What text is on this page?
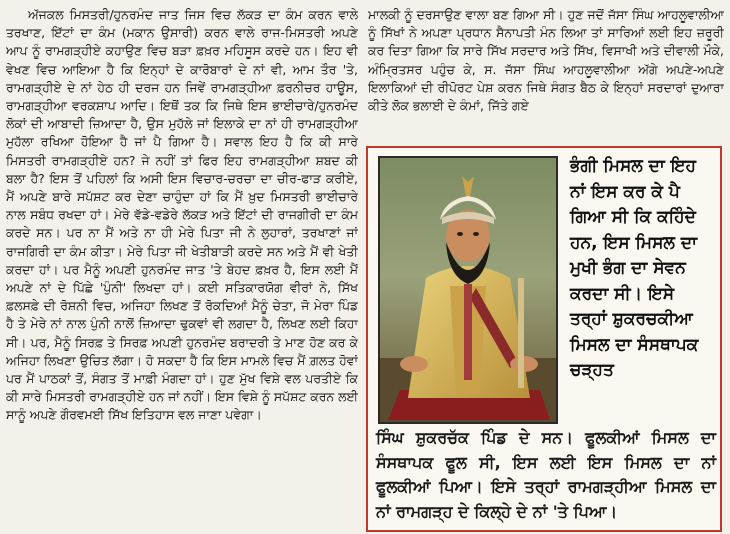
ਅੱਜਕਲ ਮਿਸਤਰੀ/ਹੁਨਰਮੰਦ ਜਾਤ ਜਿਸ ਵਿਚ ਲੱਕੜ ਦਾ ਕੰਮ ਕਰਨ ਵਾਲੇ ਤਰਖਾਣ, ਇੱਟਾਂ ਦਾ ਕੰਮ (ਮਕਾਨ ਉਸਾਰੀ) ਕਰਨ ਵਾਲੇ ਰਾਜ-ਮਿਸਤਰੀ ਅਪਣੇ ਆਪ ਨੂੰ ਰਾਮਗੜ੍ਹੀਏ ਕਹਾਉਣ ਵਿਚ ਬੜਾ ਫ਼ਖ਼ਰ ਮਹਿਸੂਸ ਕਰਦੇ ਹਨ। ਇਹ ਵੀ ਵੇਖਣ ਵਿਚ ਆਇਆ ਹੈ ਕਿ ਇਨ੍ਹਾਂ ਦੇ ਕਾਰੋਬਾਰਾਂ ਦੇ ਨਾਂ ਵੀ, ਆਮ ਤੌਰ 'ਤੇ, ਰਾਮਗੜ੍ਹੀਏ ਦੇ ਨਾਂ ਹੇਠ ਹੀ ਦਰਜ ਹਨ ਜਿਵੇਂ ਰਾਮਗੜ੍ਹੀਆ ਫ਼ਰਨੀਚਰ ਹਾਊਸ, ਰਾਮਗੜ੍ਹੀਆ ਵਰਕਸ਼ਾਪ ਆਦਿ। ਇਥੋਂ ਤਕ ਕਿ ਜਿਥੇ ਇਸ ਭਾਈਚਾਰੇ/ਹੁਨਰਮੰਦ ਲੋਕਾਂ ਦੀ ਆਬਾਦੀ ਜ਼ਿਆਦਾ ਹੈ, ਉਸ ਮੁਹੱਲੇ ਜਾਂ ਇਲਾਕੇ ਦਾ ਨਾਂ ਹੀ ਰਾਮਗੜ੍ਹੀਆ ਮੁਹੱਲਾ ਰਖਿਆ ਹੋਇਆ ਹੈ ਜਾਂ ਪੈ ਗਿਆ ਹੈ। ਸਵਾਲ ਇਹ ਹੈ ਕਿ ਕੀ ਸਾਰੇ ਮਿਸਤਰੀ ਰਾਮਗੜ੍ਹੀਏ ਹਨ? ਜੇ ਨਹੀਂ ਤਾਂ ਫਿਰ ਇਹ ਰਾਮਗੜ੍ਹੀਆ ਸ਼ਬਦ ਕੀ ਬਲਾ ਹੈ? ਇਸ ਤੋਂ ਪਹਿਲਾਂ ਕਿ ਅਸੀ ਇਸ ਵਿਚਾਰ-ਚਰਚਾ ਦਾ ਚੀਰ-ਫਾੜ ਕਰੀਏ, ਮੈਂ ਅਪਣੇ ਬਾਰੇ ਸਪੱਸ਼ਟ ਕਰ ਦੇਣਾ ਚਾਹੁੰਦਾ ਹਾਂ ਕਿ ਮੈਂ ਖ਼ੁਦ ਮਿਸਤਰੀ ਭਾਈਚਾਰੇ ਨਾਲ ਸਬੰਧ ਰਖਦਾ ਹਾਂ। ਮੇਰੇ ਵੱਡੇ-ਵਡੇਰੇ ਲੱਕੜ ਅਤੇ ਇੱਟਾਂ ਦੀ ਰਾਜਗੀਰੀ ਦਾ ਕੰਮ ਕਰਦੇ ਸਨ। ਪਰ ਨਾ ਮੈਂ ਅਤੇ ਨਾ ਹੀ ਮੇਰੇ ਪਿਤਾ ਜੀ ਨੇ ਲੁਹਾਰਾਂ, ਤਰਖਾਣਾਂ ਜਾਂ ਰਾਜਗਿਰੀ ਦਾ ਕੰਮ ਕੀਤਾ। ਮੇਰੇ ਪਿਤਾ ਜੀ ਖੇਤੀਬਾੜੀ ਕਰਦੇ ਸਨ ਅਤੇ ਮੈਂ ਵੀ ਖੇਤੀ ਕਰਦਾ ਹਾਂ। ਪਰ ਮੈਨੂੰ ਅਪਣੀ ਹੁਨਰਮੰਦ ਜਾਤ 'ਤੇ ਬੇਹਦ ਫ਼ਖ਼ਰ ਹੈ, ਇਸ ਲਈ ਮੈਂ ਅਪਣੇ ਨਾਂ ਦੇ ਪਿੱਛੇ 'ਪੁੰਨੀ' ਲਿਖਦਾ ਹਾਂ। ਕਈ ਸਤਿਕਾਰਯੋਗ ਵੀਰਾਂ ਨੇ, ਸਿੱਖ ਫ਼ਲਸਫ਼ੇ ਦੀ ਰੋਸ਼ਨੀ ਵਿਚ, ਅਜਿਹਾ ਲਿਖਣ ਤੋਂ ਰੋਕਦਿਆਂ ਮੈਨੂੰ ਚੇਤਾ, ਜੋ ਮੇਰਾ ਪਿੰਡ ਹੈ ਤੇ ਮੇਰੇ ਨਾਂ ਨਾਲ ਪੁੰਨੀ ਨਾਲੋਂ ਜ਼ਿਆਦਾ ਢੁਕਵਾਂ ਵੀ ਲਗਦਾ ਹੈ, ਲਿਖਣ ਲਈ ਕਿਹਾ ਸੀ। ਪਰ, ਮੈਨੂੰ ਸਿਰਫ਼ ਤੇ ਸਿਰਫ਼ ਅਪਣੀ ਹੁਨਰਮੰਦ ਬਰਾਦਰੀ ਤੇ ਮਾਣ ਹੋਣ ਕਰ ਕੇ ਅਜਿਹਾ ਲਿਖਣਾ ਉਚਿਤ ਲੱਗਾ। ਹੋ ਸਕਦਾ ਹੈ ਕਿ ਇਸ ਮਾਮਲੇ ਵਿਚ ਮੈਂ ਗ਼ਲਤ ਹੋਵਾਂ ਪਰ ਮੈਂ ਪਾਠਕਾਂ ਤੋਂ, ਸੰਗਤ ਤੋਂ ਮਾਫ਼ੀ ਮੰਗਦਾ ਹਾਂ। ਹੁਣ ਮੁੱਖ ਵਿਸ਼ੇ ਵਲ ਪਰਤੀਏ ਕਿ ਕੀ ਸਾਰੇ ਮਿਸਤਰੀ ਰਾਮਗੜ੍ਹੀਏ ਹਨ ਜਾਂ ਨਹੀਂ। ਇਸ ਵਿਸ਼ੇ ਨੂੰ ਸਪੱਸ਼ਟ ਕਰਨ ਲਈ ਸਾਨੂੰ ਅਪਣੇ ਗੌਰਵਮਈ ਸਿੱਖ ਇਤਿਹਾਸ ਵਲ ਜਾਣਾ ਪਵੇਗਾ।

ਮਾਲਕੀ ਨੂੰ ਦਰਸਾਉਣ ਵਾਲਾ ਬਣ ਗਿਆ ਸੀ। ਹੁਣ ਜਦੋਂ ਜੱਸਾ ਸਿੰਘ ਆਹਲੂਵਾਲੀਆ ਨੂੰ ਸਿੱਖਾਂ ਨੇ ਅਪਣਾ ਪ੍ਰਧਾਨ ਸੈਨਾਪਤੀ ਮੰਨ ਲਿਆ ਤਾਂ ਸਾਰਿਆਂ ਲਈ ਇਹ ਜ਼ਰੂਰੀ ਕਰ ਦਿਤਾ ਗਿਆ ਕਿ ਸਾਰੇ ਸਿੱਖ ਸਰਦਾਰ ਅਤੇ ਸਿੱਖ, ਵਿਸਾਖੀ ਅਤੇ ਦੀਵਾਲੀ ਮੌਕੇ, ਅੰਮ੍ਰਿਤਸਰ ਪਹੁੰਚ ਕੇ, ਸ. ਜੱਸਾ ਸਿੰਘ ਆਹਲੂਵਾਲੀਆ ਅੱਗੇ ਅਪਣੇ-ਅਪਣੇ ਇਲਾਕਿਆਂ ਦੀ ਰੀਪੋਰਟ ਪੇਸ਼ ਕਰਨ ਜਿਥੇ ਸੰਗਤ ਬੈਠ ਕੇ ਇਨ੍ਹਾਂ ਸਰਦਾਰਾਂ ਦੁਆਰਾ ਕੀਤੇ ਲੋਕ ਭਲਾਈ ਦੇ ਕੰਮਾਂ, ਜਿੱਤੇ ਗਏ

ਭੰਗੀ ਮਿਸਲ ਦਾ ਇਹ ਨਾਂ ਇਸ ਕਰ ਕੇ ਪੈ ਗਿਆ ਸੀ ਕਿ ਕਹਿੰਦੇ ਹਨ, ਇਸ ਮਿਸਲ ਦਾ ਮੁਖੀ ਭੰਗ ਦਾ ਸੇਵਨ ਕਰਦਾ ਸੀ। ਇਸੇ ਤਰ੍ਹਾਂ ਸ਼ੁਕਰਚਕੀਆ ਮਿਸਲ ਦਾ ਸੰਸਥਾਪਕ ਚੜ੍ਹਤ

ਸਿੰਘ ਸ਼ੁਕਰਚੱਕ ਪਿੰਡ ਦੇ ਸਨ। ਫੂਲਕੀਆਂ ਮਿਸਲ ਦਾ ਸੰਸਥਾਪਕ ਫੂਲ ਸੀ, ਇਸ ਲਈ ਇਸ ਮਿਸਲ ਦਾ ਨਾਂ ਫੂਲਕੀਆਂ ਪਿਆ। ਇਸੇ ਤਰ੍ਹਾਂ ਰਾਮਗੜ੍ਹੀਆ ਮਿਸਲ ਦਾ ਨਾਂ ਰਾਮਗੜ੍ਹ ਦੇ ਕਿਲ੍ਹੇ ਦੇ ਨਾਂ 'ਤੇ ਪਿਆ।
